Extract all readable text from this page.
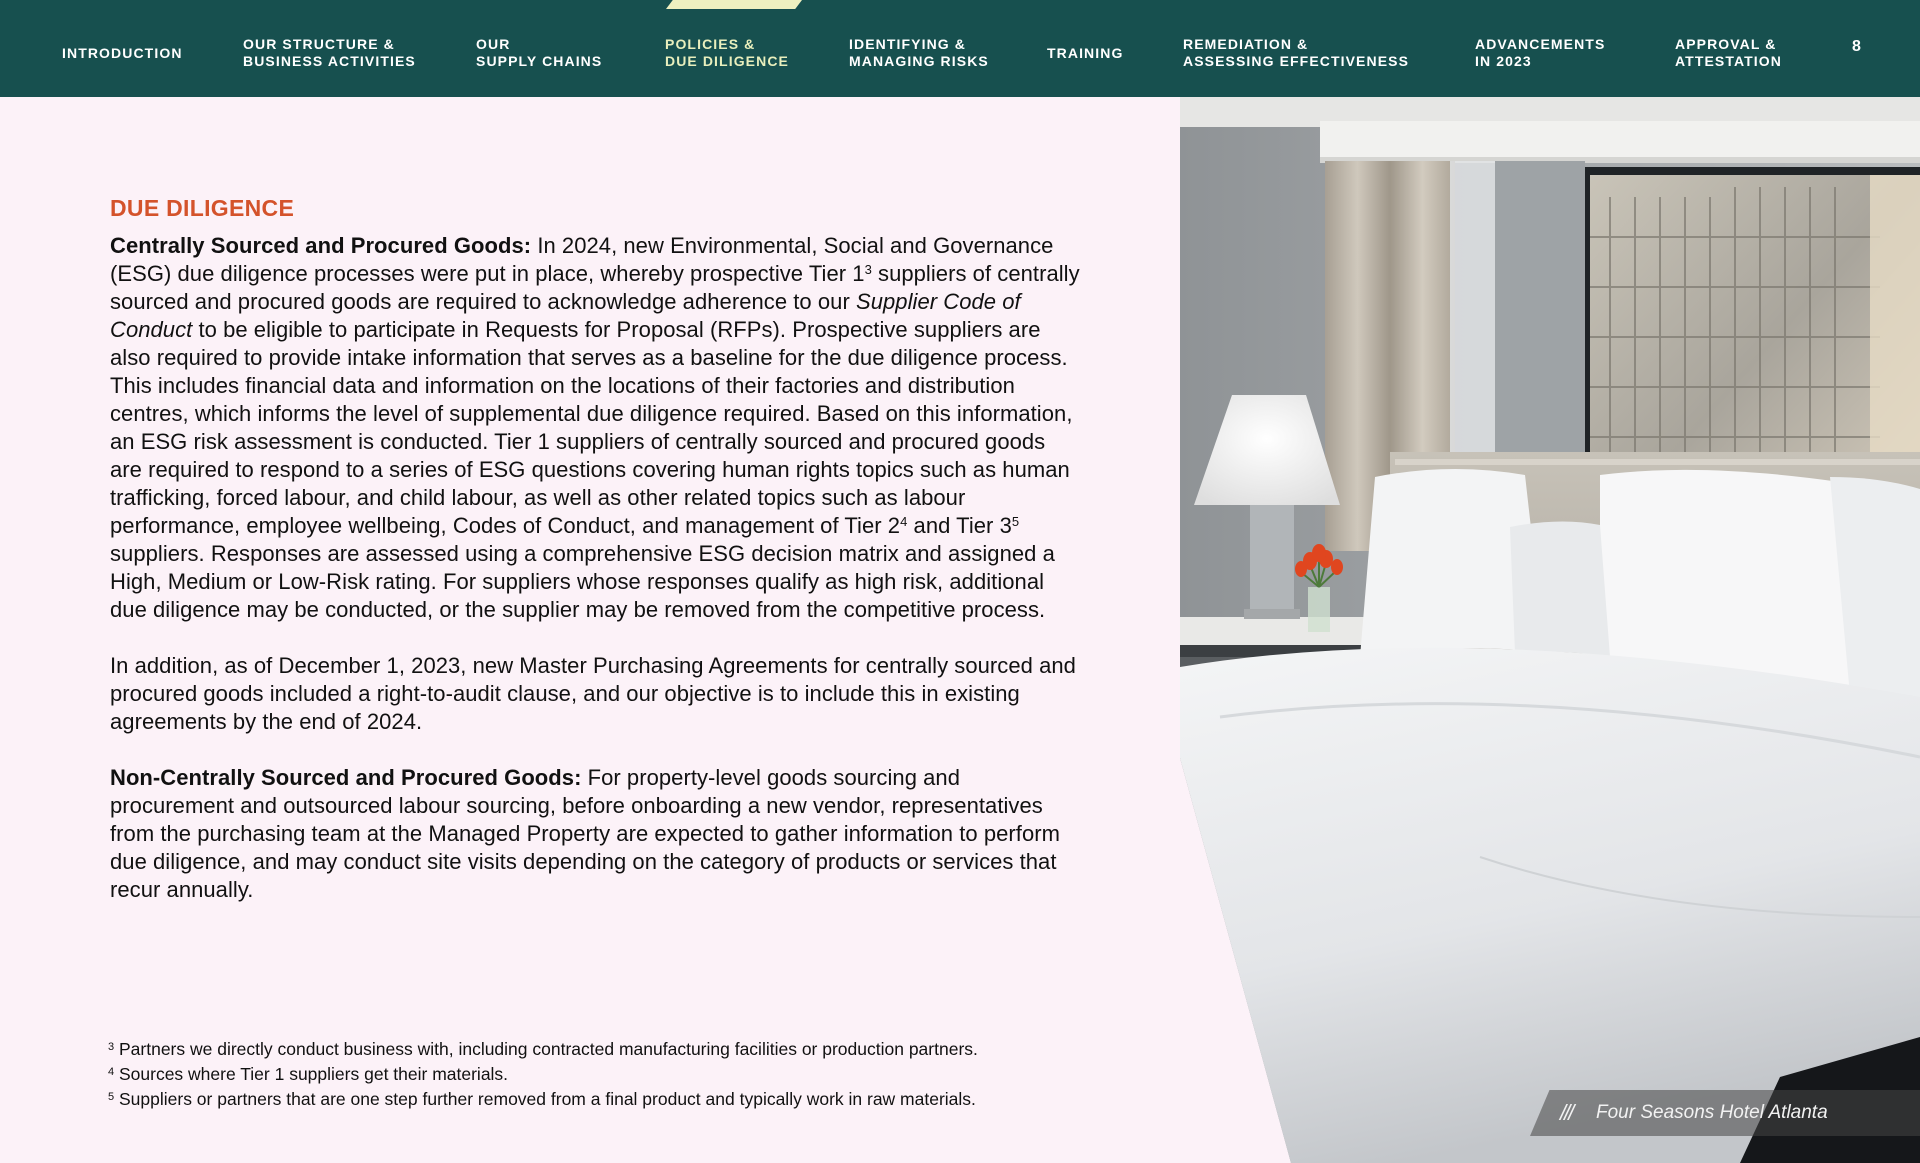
INTRODUCTION
OUR STRUCTURE &
BUSINESS ACTIVITIES
OUR
SUPPLY CHAINS
POLICIES &
DUE DILIGENCE
IDENTIFYING &
MANAGING RISKS	TRAINING
REMEDIATION &
ASSESSING EFFECTIVENESS
ADVANCEMENTS
IN 2023
APPROVAL &
ATTESTATION
8
DUE DILIGENCE

Centrally Sourced and Procured Goods: In 2024, new Environmental, Social and Governance (ESG) due diligence processes were put in place, whereby prospective Tier $1^3$ suppliers of centrally sourced and procured goods are required to acknowledge adherence to our Supplier Code of Conduct to be eligible to participate in Requests for Proposal (RFPs). Prospective suppliers are also required to provide intake information that serves as a baseline for the due diligence process. This includes financial data and information on the locations of their factories and distribution centres, which informs the level of supplemental due diligence required. Based on this information, an ESG risk assessment is conducted. Tier 1 suppliers of centrally sourced and procured goods are required to respond to a series of ESG questions covering human rights topics such as human trafficking, forced labour, and child labour, as well as other related topics such as labour performance, employee wellbeing, Codes of Conduct, and management of Tier $2^4$ and Tier $3^5$ suppliers. Responses are assessed using a comprehensive ESG decision matrix and assigned a High, Medium or Low-Risk rating. For suppliers whose responses qualify as high risk, additional due diligence may be conducted, or the supplier may be removed from the competitive process.

In addition, as of December 1, 2023, new Master Purchasing Agreements for centrally sourced and procured goods included a right-to-audit clause, and our objective is to include this in existing agreements by the end of 2024.

Non-Centrally Sourced and Procured Goods: For property-level goods sourcing and procurement and outsourced labour sourcing, before onboarding a new vendor, representatives from the purchasing team at the Managed Property are expected to gather information to perform due diligence, and may conduct site visits depending on the category of products or services that recur annually.

$^3$ Partners we directly conduct business with, including contracted manufacturing facilities or production partners.

$^4$ Sources where Tier 1 suppliers get their materials.

$^5$ Suppliers or partners that are one step further removed from a final product and typically work in raw materials.

/// Four Seasons Hotel Atlanta
